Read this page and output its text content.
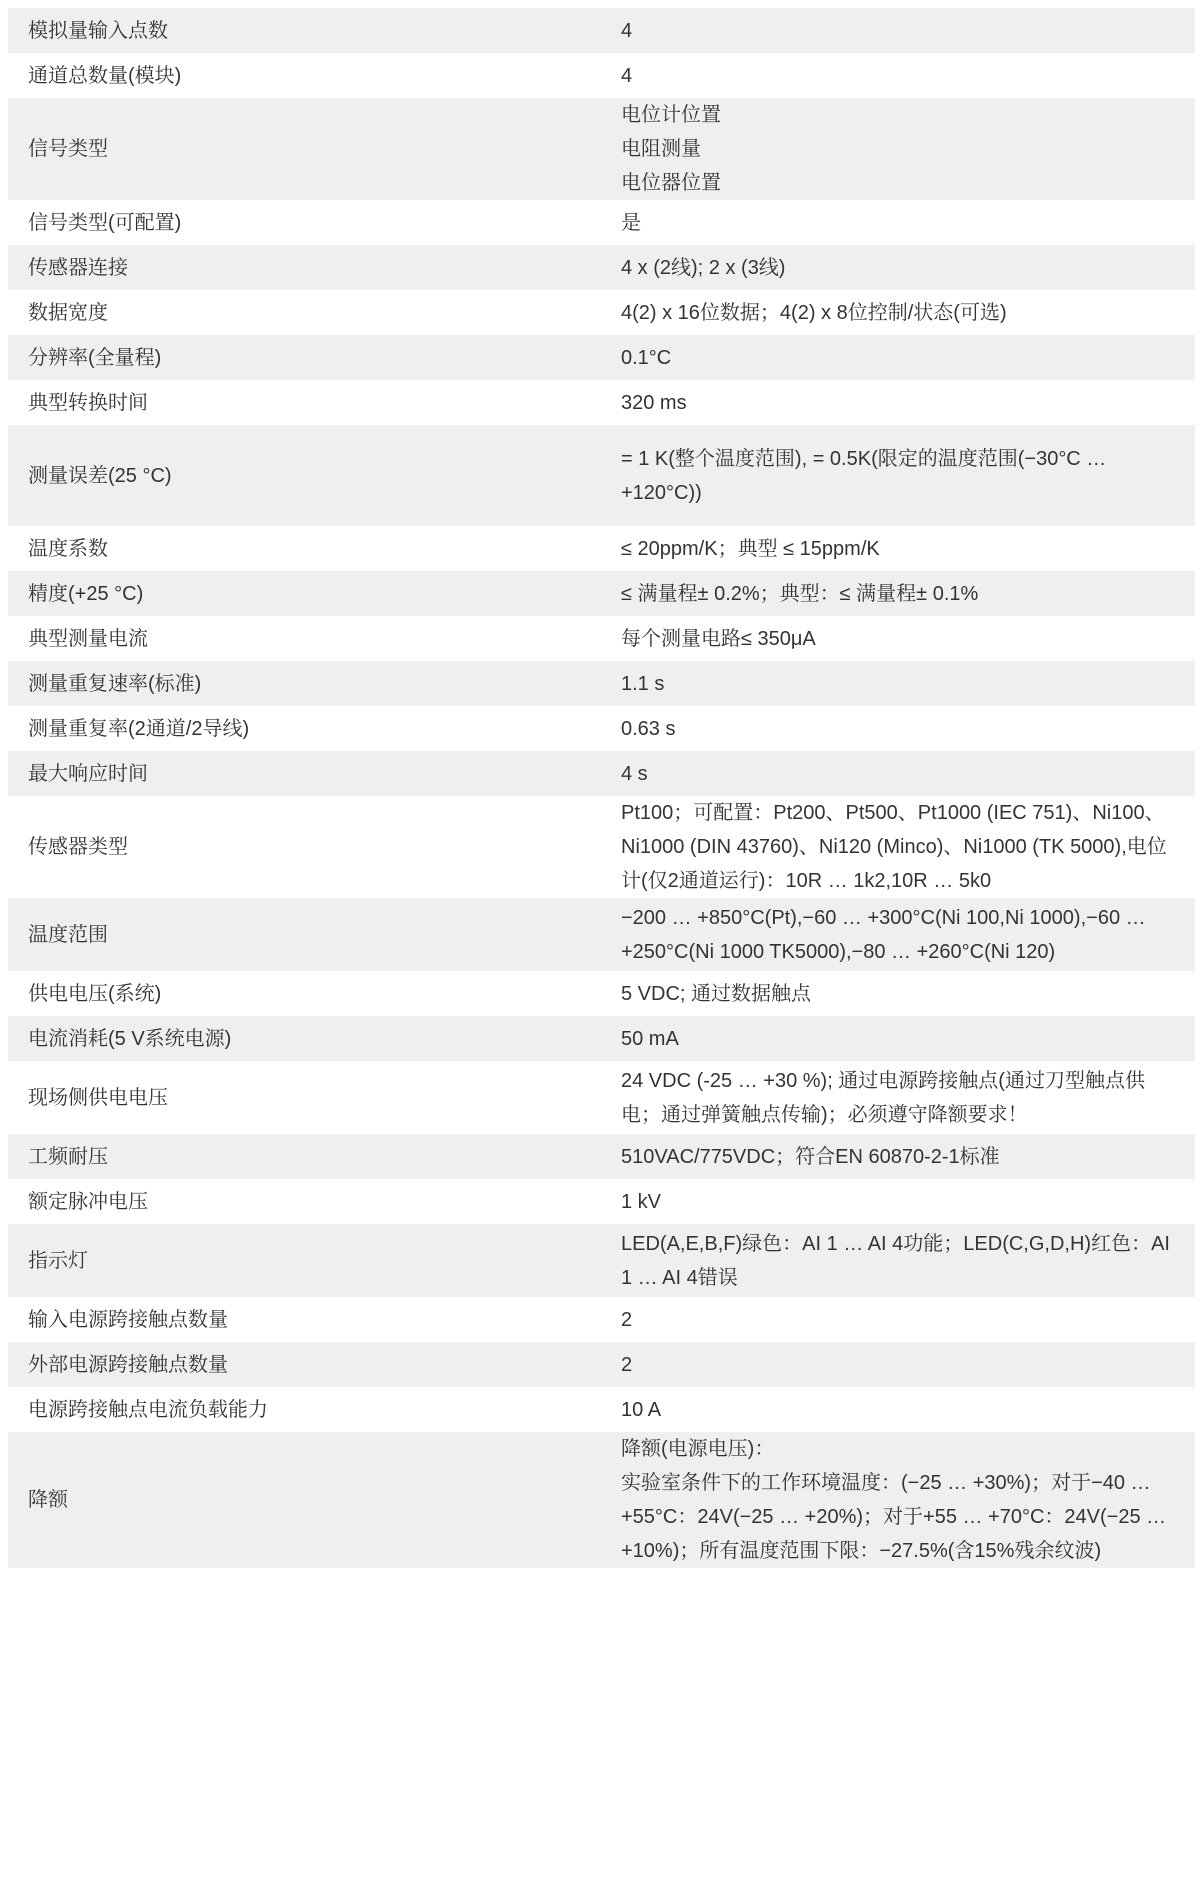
模拟量输入点数	4
通道总数量(模块)	4
信号类型	电位计位置
电阻测量
电位器位置
信号类型(可配置)	是
传感器连接	4 x (2线); 2 x (3线)
数据宽度	4(2) x 16位数据；4(2) x 8位控制/状态(可选)
分辨率(全量程)	0.1°C
典型转换时间	320 ms
测量误差(25 °C)	= 1 K(整个温度范围), = 0.5K(限定的温度范围(−30°C … +120°C))
温度系数	≤ 20ppm/K；典型 ≤ 15ppm/K
精度(+25 °C)	≤ 满量程± 0.2%；典型：≤ 满量程± 0.1%
典型测量电流	每个测量电路≤ 350μA
测量重复速率(标准)	1.1 s
测量重复率(2通道/2导线)	0.63 s
最大响应时间	4 s
传感器类型	Pt100；可配置：Pt200、Pt500、Pt1000 (IEC 751)、Ni100、Ni1000 (DIN 43760)、Ni120 (Minco)、Ni1000 (TK 5000),电位计(仅2通道运行)：10R … 1k2,10R … 5k0
温度范围	−200 … +850°C(Pt),−60 … +300°C(Ni 100,Ni 1000),−60 … +250°C(Ni 1000 TK5000),−80 … +260°C(Ni 120)
供电电压(系统)	5 VDC; 通过数据触点
电流消耗(5 V系统电源)	50 mA
现场侧供电电压	24 VDC (-25 … +30 %); 通过电源跨接触点(通过刀型触点供电；通过弹簧触点传输)；必须遵守降额要求！
工频耐压	510VAC/775VDC；符合EN 60870-2-1标准
额定脉冲电压	1 kV
指示灯	LED(A,E,B,F)绿色：AI 1 … AI 4功能；LED(C,G,D,H)红色：AI 1 … AI 4错误
输入电源跨接触点数量	2
外部电源跨接触点数量	2
电源跨接触点电流负载能力	10 A
降额	降额(电源电压)：
实验室条件下的工作环境温度：(−25 … +30%)；对于−40 … +55°C：24V(−25 … +20%)；对于+55 … +70°C：24V(−25 … +10%)；所有温度范围下限：−27.5%(含15%残余纹波)
